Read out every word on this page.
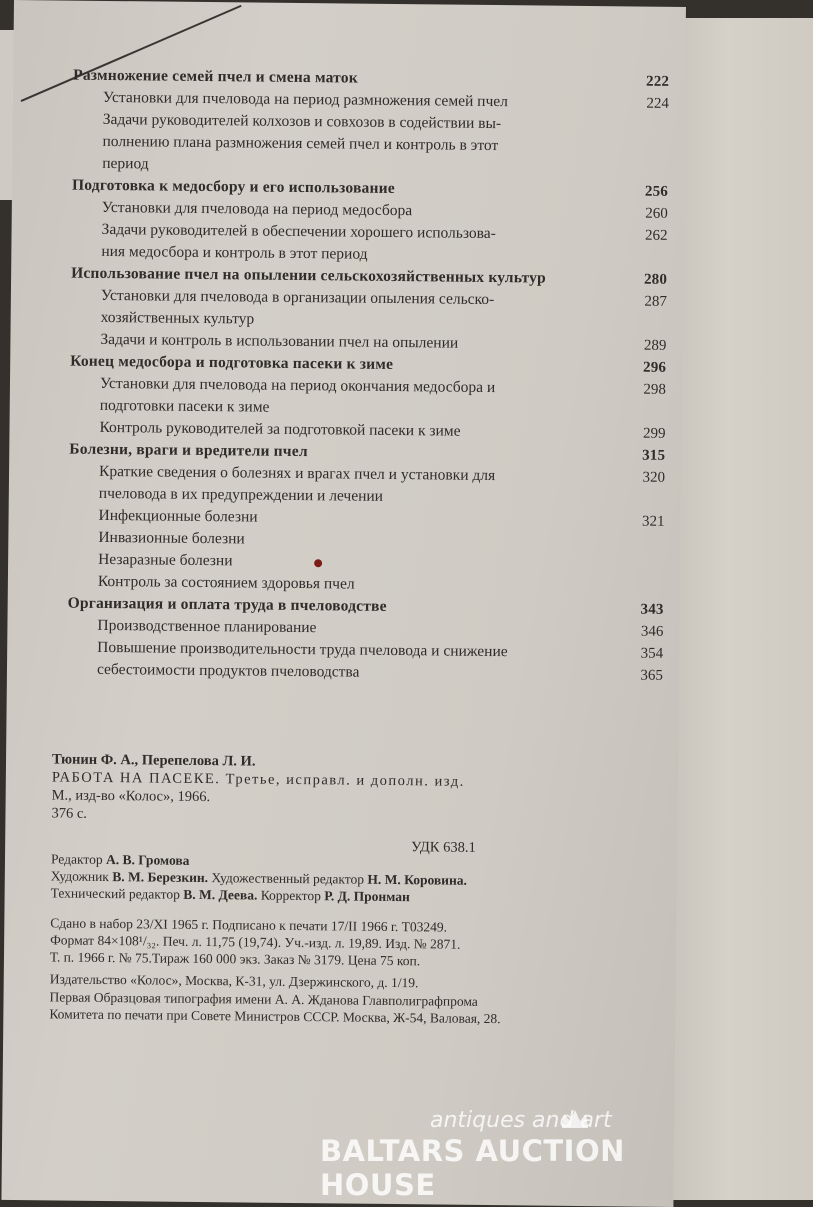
Размножение семей пчел и смена маток	222
Установки для пчеловода на период размножения семей пчел	224
Задачи руководителей колхозов и совхозов в содействии вы-
полнению плана размножения семей пчел и контроль в этот
период
Подготовка к медосбору и его использование	256
Установки для пчеловода на период медосбора	260
Задачи руководителей в обеспечении хорошего использова-	262
ния медосбора и контроль в этот период
Использование пчел на опылении сельскохозяйственных культур	280
Установки для пчеловода в организации опыления сельско-	287
хозяйственных культур
Задачи и контроль в использовании пчел на опылении	289
Конец медосбора и подготовка пасеки к зиме	296
Установки для пчеловода на период окончания медосбора и	298
подготовки пасеки к зиме
Контроль руководителей за подготовкой пасеки к зиме	299
Болезни, враги и вредители пчел	315
Краткие сведения о болезнях и врагах пчел и установки для	320
пчеловода в их предупреждении и лечении
Инфекционные болезни	321
Инвазионные болезни
Незаразные болезни
Контроль за состоянием здоровья пчел
Организация и оплата труда в пчеловодстве	343
Производственное планирование	346
Повышение производительности труда пчеловода и снижение	354
себестоимости продуктов пчеловодства	365
Тюнин Ф. А., Перепелова Л. И.
РАБОТА НА ПАСЕКЕ. Третье, исправл. и дополн. изд.
М., изд-во «Колос», 1966.
376 с.
УДК 638.1
Редактор А. В. Громова
Художник В. М. Березкин. Художественный редактор Н. М. Коровина.
Технический редактор В. М. Деева. Корректор Р. Д. Пронман
Сдано в набор 23/XI 1965 г. Подписано к печати 17/II 1966 г. Т03249.
Формат 84×108¹/₃₂. Печ. л. 11,75 (19,74). Уч.-изд. л. 19,89. Изд. № 2871.
Т. п. 1966 г. № 75.Тираж 160 000 экз. Заказ № 3179. Цена 75 коп.
Издательство «Колос», Москва, К-31, ул. Дзержинского, д. 1/19.
Первая Образцовая типография имени А. А. Жданова Главполиграфпрома
Комитета по печати при Совете Министров СССР. Москва, Ж-54, Валовая, 28.
antiques and art
BALTARS AUCTION HOUSE
